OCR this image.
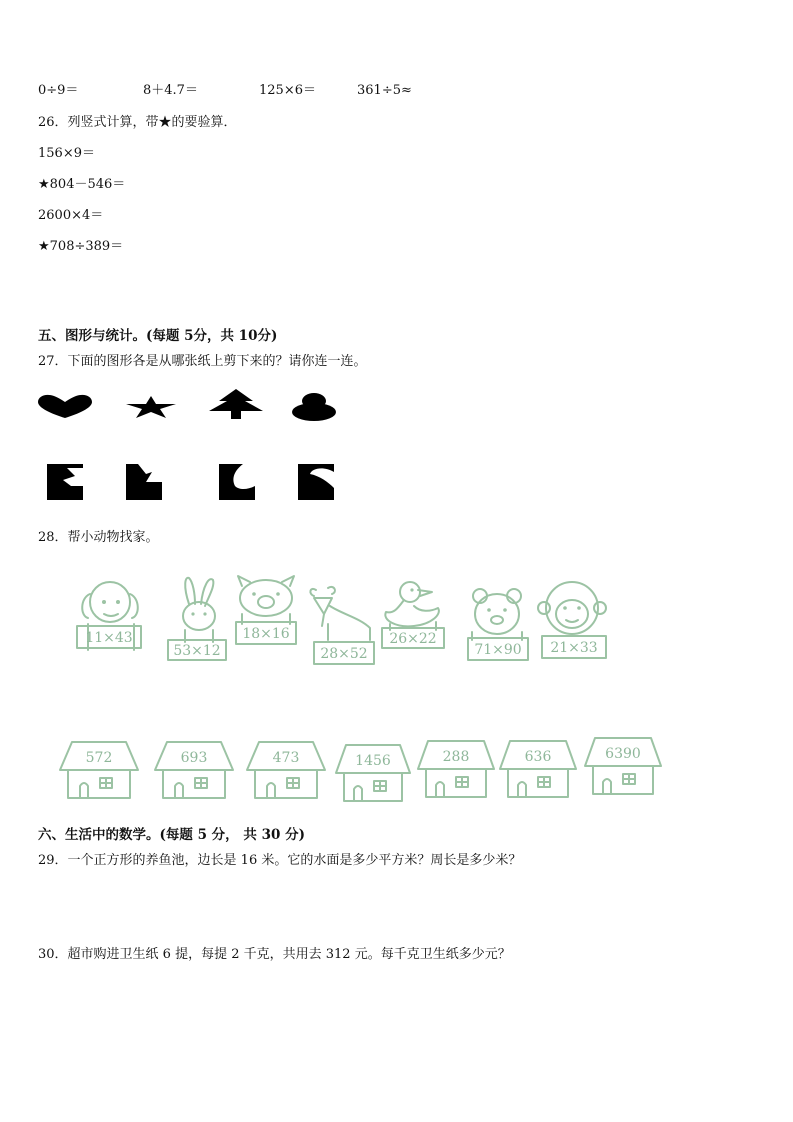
0÷9＝	8＋4.7＝	125×6＝	361÷5≈
26．列竖式计算，带★的要验算．
156×9＝
★804－546＝
2600×4＝
★708÷389＝
五、图形与统计。(每题 5分，共 10分)
27．下面的图形各是从哪张纸上剪下来的？请你连一连。
28．帮小动物找家。
11×43
53×12
18×16
28×52
26×22
71×90 21×33
572	693	473	1456	288	636	6390
六、生活中的数学。(每题 5 分， 共 30 分)
29．一个正方形的养鱼池，边长是 16 米。它的水面是多少平方米？周长是多少米？
30．超市购进卫生纸 6 提，每提 2 千克，共用去 312 元。每千克卫生纸多少元？
